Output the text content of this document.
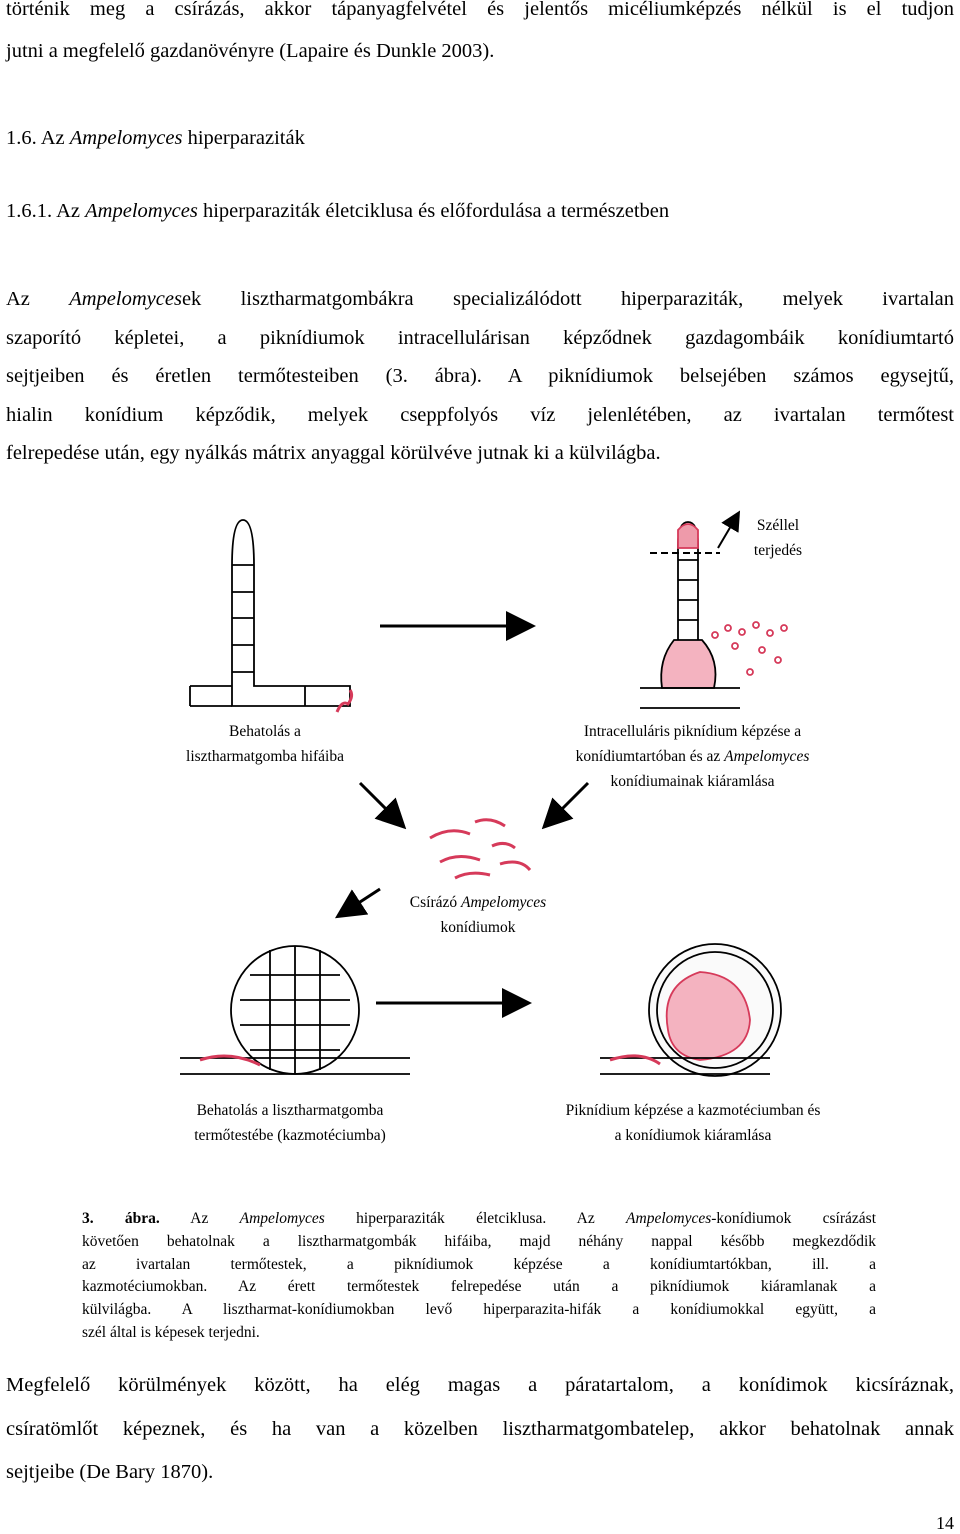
történik meg a csírázás, akkor tápanyagfelvétel és jelentős micéliumképzés nélkül is el tudjon
jutni a megfelelő gazdanövényre (Lapaire és Dunkle 2003).
1.6. Az Ampelomyces hiperparaziták
1.6.1. Az Ampelomyces hiperparaziták életciklusa és előfordulása a természetben
Az Ampelomycesek lisztharmatgombákra specializálódott hiperparaziták, melyek ivartalan
szaporító képletei, a piknídiumok intracellulárisan képződnek gazdagombáik konídiumtartó
sejtjeiben és éretlen termőtesteiben (3. ábra). A piknídiumok belsejében számos egysejtű,
hialin konídium képződik, melyek cseppfolyós víz jelenlétében, az ivartalan termőtest
felrepedése után, egy nyálkás mátrix anyaggal körülvéve jutnak ki a külvilágba.
Széllel
terjedés
Behatolás a
lisztharmatgomba hifáiba
Intracelluláris piknídium képzése a
konídiumtartóban és az Ampelomyces
konídiumainak kiáramlása
Csírázó Ampelomyces
konídiumok
Behatolás a lisztharmatgomba
termőtestébe (kazmotéciumba)
Piknídium képzése a kazmotéciumban és
a konídiumok kiáramlása
3. ábra. Az Ampelomyces hiperparaziták életciklusa. Az Ampelomyces-konídiumok csírázást
követően behatolnak a lisztharmatgombák hifáiba, majd néhány nappal később megkezdődik
az ivartalan termőtestek, a piknídiumok képzése a konídiumtartókban, ill. a
kazmotéciumokban. Az érett termőtestek felrepedése után a piknídiumok kiáramlanak a
külvilágba. A lisztharmat-konídiumokban levő hiperparazita-hifák a konídiumokkal együtt, a
szél által is képesek terjedni.
Megfelelő körülmények között, ha elég magas a páratartalom, a konídimok kicsíráznak,
csíratömlőt képeznek, és ha van a közelben lisztharmatgombatelep, akkor behatolnak annak
sejtjeibe (De Bary 1870).
14
